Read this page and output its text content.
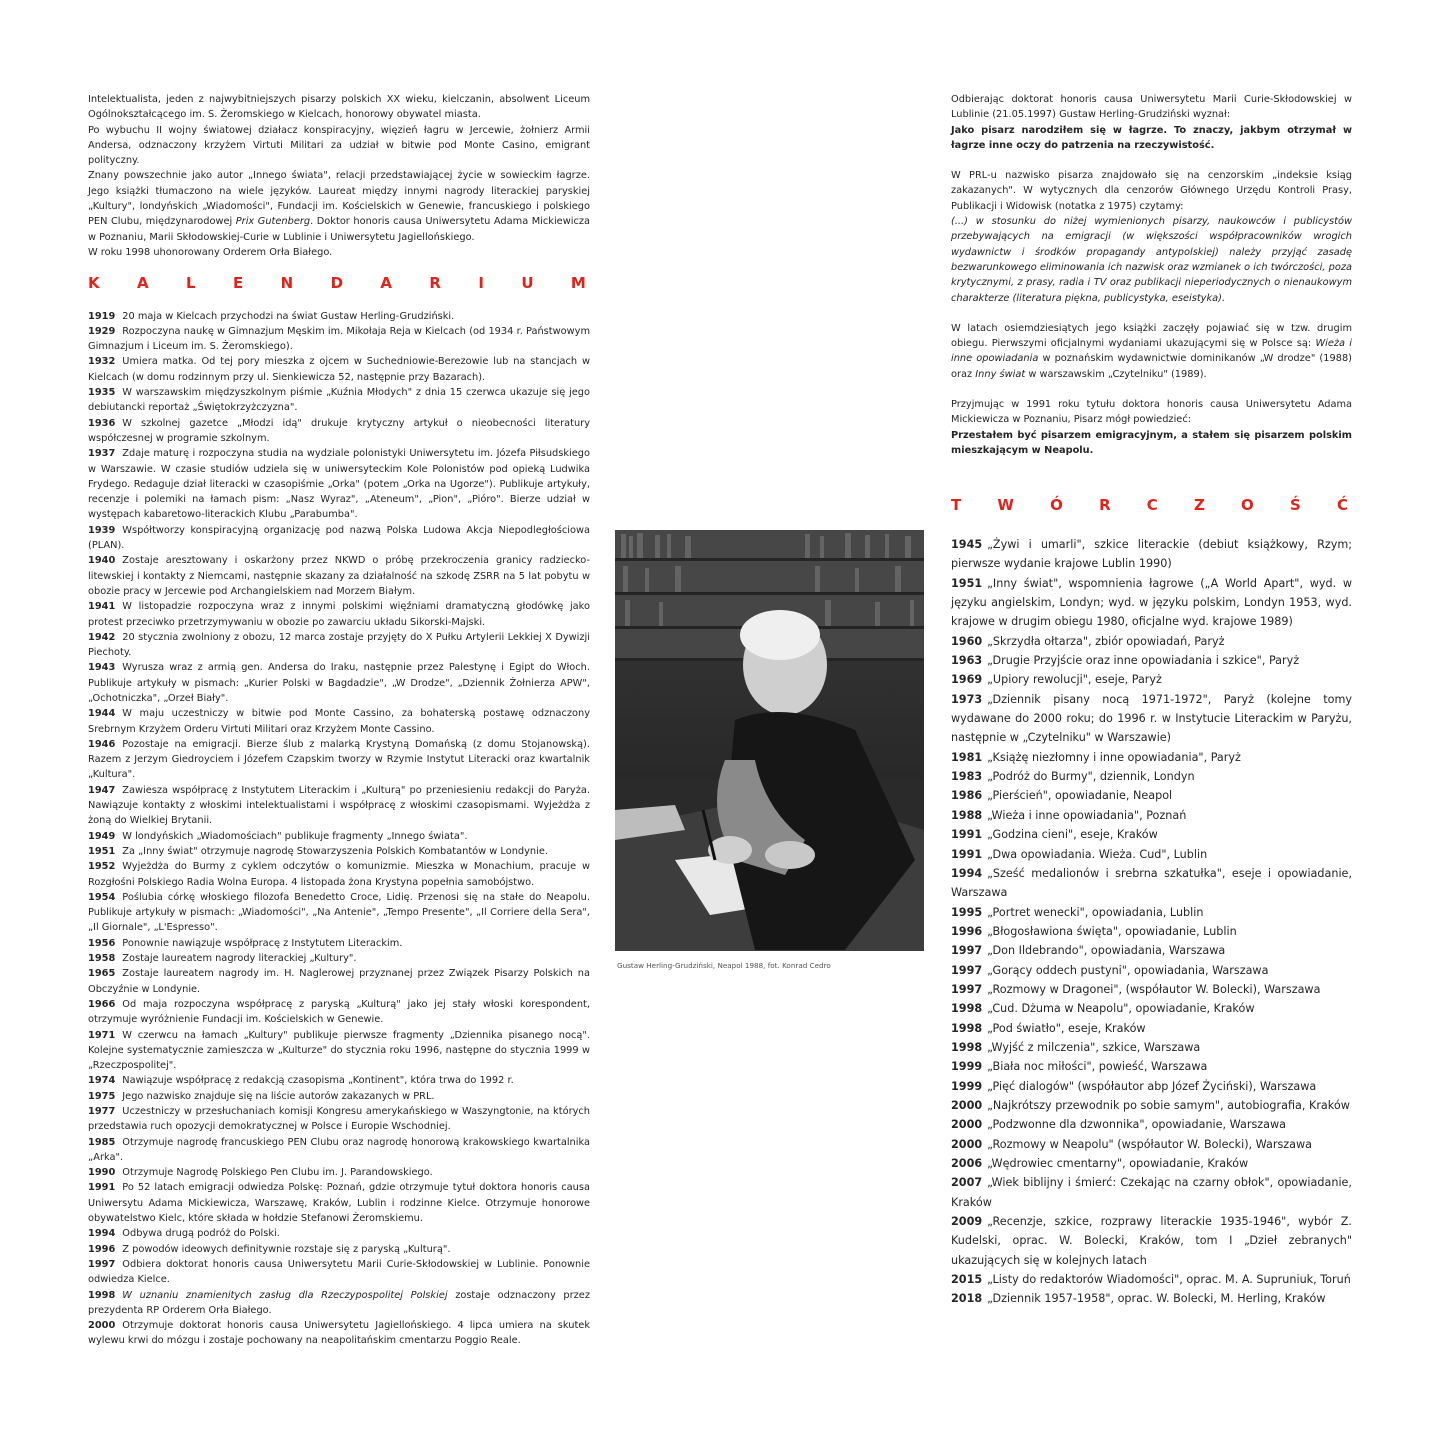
Intelektualista, jeden z najwybitniejszych pisarzy polskich XX wieku, kielczanin, absolwent Liceum Ogólnokształcącego im. S. Żeromskiego w Kielcach, honorowy obywatel miasta.

Po wybuchu II wojny światowej działacz konspiracyjny, więzień łagru w Jercewie, żołnierz Armii Andersa, odznaczony krzyżem Virtuti Militari za udział w bitwie pod Monte Casino, emigrant polityczny.

Znany powszechnie jako autor „Innego świata", relacji przedstawiającej życie w sowieckim łagrze. Jego książki tłumaczono na wiele języków. Laureat między innymi nagrody literackiej paryskiej „Kultury", londyńskich „Wiadomości", Fundacji im. Kościelskich w Genewie, francuskiego i polskiego PEN Clubu, międzynarodowej Prix Gutenberg. Doktor honoris causa Uniwersytetu Adama Mickiewicza w Poznaniu, Marii Skłodowskiej-Curie w Lublinie i Uniwersytetu Jagiellońskiego.

W roku 1998 uhonorowany Orderem Orła Białego.

K A L E N D A R I U M

1919 20 maja w Kielcach przychodzi na świat Gustaw Herling-Grudziński.

1929 Rozpoczyna naukę w Gimnazjum Męskim im. Mikołaja Reja w Kielcach (od 1934 r. Państwowym Gimnazjum i Liceum im. S. Żeromskiego).

1932 Umiera matka. Od tej pory mieszka z ojcem w Suchedniowie-Berezowie lub na stancjach w Kielcach (w domu rodzinnym przy ul. Sienkiewicza 52, następnie przy Bazarach).

1935 W warszawskim międzyszkolnym piśmie „Kuźnia Młodych" z dnia 15 czerwca ukazuje się jego debiutancki reportaż „Świętokrzyżczyzna".

1936 W szkolnej gazetce „Młodzi idą" drukuje krytyczny artykuł o nieobecności literatury współczesnej w programie szkolnym.

1937 Zdaje maturę i rozpoczyna studia na wydziale polonistyki Uniwersytetu im. Józefa Piłsudskiego w Warszawie. W czasie studiów udziela się w uniwersyteckim Kole Polonistów pod opieką Ludwika Frydego. Redaguje dział literacki w czasopiśmie „Orka" (potem „Orka na Ugorze"). Publikuje artykuły, recenzje i polemiki na łamach pism: „Nasz Wyraz", „Ateneum", „Pion", „Pióro". Bierze udział w występach kabaretowo-literackich Klubu „Parabumba".

1939 Współtworzy konspiracyjną organizację pod nazwą Polska Ludowa Akcja Niepodległościowa (PLAN).

1940 Zostaje aresztowany i oskarżony przez NKWD o próbę przekroczenia granicy radziecko-litewskiej i kontakty z Niemcami, następnie skazany za działalność na szkodę ZSRR na 5 lat pobytu w obozie pracy w Jercewie pod Archangielskiem nad Morzem Białym.

1941 W listopadzie rozpoczyna wraz z innymi polskimi więźniami dramatyczną głodówkę jako protest przeciwko przetrzymywaniu w obozie po zawarciu układu Sikorski-Majski.

1942 20 stycznia zwolniony z obozu, 12 marca zostaje przyjęty do X Pułku Artylerii Lekkiej X Dywizji Piechoty.

1943 Wyrusza wraz z armią gen. Andersa do Iraku, następnie przez Palestynę i Egipt do Włoch. Publikuje artykuły w pismach: „Kurier Polski w Bagdadzie", „W Drodze", „Dziennik Żołnierza APW", „Ochotniczka", „Orzeł Biały".

1944 W maju uczestniczy w bitwie pod Monte Cassino, za bohaterską postawę odznaczony Srebrnym Krzyżem Orderu Virtuti Militari oraz Krzyżem Monte Cassino.

1946 Pozostaje na emigracji. Bierze ślub z malarką Krystyną Domańską (z domu Stojanowską). Razem z Jerzym Giedroyciem i Józefem Czapskim tworzy w Rzymie Instytut Literacki oraz kwartalnik „Kultura".

1947 Zawiesza współpracę z Instytutem Literackim i „Kulturą" po przeniesieniu redakcji do Paryża. Nawiązuje kontakty z włoskimi intelektualistami i współpracę z włoskimi czasopismami. Wyjeżdża z żoną do Wielkiej Brytanii.

1949 W londyńskich „Wiadomościach" publikuje fragmenty „Innego świata".

1951 Za „Inny świat" otrzymuje nagrodę Stowarzyszenia Polskich Kombatantów w Londynie.

1952 Wyjeżdża do Burmy z cyklem odczytów o komunizmie. Mieszka w Monachium, pracuje w Rozgłośni Polskiego Radia Wolna Europa. 4 listopada żona Krystyna popełnia samobójstwo.

1954 Poślubia córkę włoskiego filozofa Benedetto Croce, Lidię. Przenosi się na stałe do Neapolu. Publikuje artykuły w pismach: „Wiadomości", „Na Antenie", „Tempo Presente", „Il Corriere della Sera", „Il Giornale", „L'Espresso".

1956 Ponownie nawiązuje współpracę z Instytutem Literackim.

1958 Zostaje laureatem nagrody literackiej „Kultury".

1965 Zostaje laureatem nagrody im. H. Naglerowej przyznanej przez Związek Pisarzy Polskich na Obczyźnie w Londynie.

1966 Od maja rozpoczyna współpracę z paryską „Kulturą" jako jej stały włoski korespondent, otrzymuje wyróżnienie Fundacji im. Kościelskich w Genewie.

1971 W czerwcu na łamach „Kultury" publikuje pierwsze fragmenty „Dziennika pisanego nocą". Kolejne systematycznie zamieszcza w „Kulturze" do stycznia roku 1996, następne do stycznia 1999 w „Rzeczpospolitej".

1974 Nawiązuje współpracę z redakcją czasopisma „Kontinent", która trwa do 1992 r.

1975 Jego nazwisko znajduje się na liście autorów zakazanych w PRL.

1977 Uczestniczy w przesłuchaniach komisji Kongresu amerykańskiego w Waszyngtonie, na których przedstawia ruch opozycji demokratycznej w Polsce i Europie Wschodniej.

1985 Otrzymuje nagrodę francuskiego PEN Clubu oraz nagrodę honorową krakowskiego kwartalnika „Arka".

1990 Otrzymuje Nagrodę Polskiego Pen Clubu im. J. Parandowskiego.

1991 Po 52 latach emigracji odwiedza Polskę: Poznań, gdzie otrzymuje tytuł doktora honoris causa Uniwersytu Adama Mickiewicza, Warszawę, Kraków, Lublin i rodzinne Kielce. Otrzymuje honorowe obywatelstwo Kielc, które składa w hołdzie Stefanowi Żeromskiemu.

1994 Odbywa drugą podróż do Polski.

1996 Z powodów ideowych definitywnie rozstaje się z paryską „Kulturą".

1997 Odbiera doktorat honoris causa Uniwersytetu Marii Curie-Skłodowskiej w Lublinie. Ponownie odwiedza Kielce.

1998 W uznaniu znamienitych zasług dla Rzeczypospolitej Polskiej zostaje odznaczony przez prezydenta RP Orderem Orła Białego.

2000 Otrzymuje doktorat honoris causa Uniwersytetu Jagiellońskiego. 4 lipca umiera na skutek wylewu krwi do mózgu i zostaje pochowany na neapolitańskim cmentarzu Poggio Reale.

Gustaw Herling-Grudziński, Neapol 1988, fot. Konrad Cedro

Odbierając doktorat honoris causa Uniwersytetu Marii Curie-Skłodowskiej w Lublinie (21.05.1997) Gustaw Herling-Grudziński wyznał:

Jako pisarz narodziłem się w łagrze. To znaczy, jakbym otrzymał w łagrze inne oczy do patrzenia na rzeczywistość.

W PRL-u nazwisko pisarza znajdowało się na cenzorskim „indeksie ksiąg zakazanych". W wytycznych dla cenzorów Głównego Urzędu Kontroli Prasy, Publikacji i Widowisk (notatka z 1975) czytamy:

(...) w stosunku do niżej wymienionych pisarzy, naukowców i publicystów przebywających na emigracji (w większości współpracowników wrogich wydawnictw i środków propagandy antypolskiej) należy przyjąć zasadę bezwarunkowego eliminowania ich nazwisk oraz wzmianek o ich twórczości, poza krytycznymi, z prasy, radia i TV oraz publikacji nieperiodycznych o nienaukowym charakterze (literatura piękna, publicystyka, eseistyka).

W latach osiemdziesiątych jego książki zaczęły pojawiać się w tzw. drugim obiegu. Pierwszymi oficjalnymi wydaniami ukazującymi się w Polsce są: Wieża i inne opowiadania w poznańskim wydawnictwie dominikanów „W drodze" (1988) oraz Inny świat w warszawskim „Czytelniku" (1989).

Przyjmując w 1991 roku tytułu doktora honoris causa Uniwersytetu Adama Mickiewicza w Poznaniu, Pisarz mógł powiedzieć:

Przestałem być pisarzem emigracyjnym, a stałem się pisarzem polskim mieszkającym w Neapolu.

T W Ó R C Z O Ś Ć

1945 „Żywi i umarli", szkice literackie (debiut książkowy, Rzym; pierwsze wydanie krajowe Lublin 1990)

1951 „Inny świat", wspomnienia łagrowe („A World Apart", wyd. w języku angielskim, Londyn; wyd. w języku polskim, Londyn 1953, wyd. krajowe w drugim obiegu 1980, oficjalne wyd. krajowe 1989)

1960 „Skrzydła ołtarza", zbiór opowiadań, Paryż

1963 „Drugie Przyjście oraz inne opowiadania i szkice", Paryż

1969 „Upiory rewolucji", eseje, Paryż

1973 „Dziennik pisany nocą 1971-1972", Paryż (kolejne tomy wydawane do 2000 roku; do 1996 r. w Instytucie Literackim w Paryżu, następnie w „Czytelniku" w Warszawie)

1981 „Książę niezłomny i inne opowiadania", Paryż

1983 „Podróż do Burmy", dziennik, Londyn

1986 „Pierścień", opowiadanie, Neapol

1988 „Wieża i inne opowiadania", Poznań

1991 „Godzina cieni", eseje, Kraków

1991 „Dwa opowiadania. Wieża. Cud", Lublin

1994 „Sześć medalionów i srebrna szkatułka", eseje i opowiadanie, Warszawa

1995 „Portret wenecki", opowiadania, Lublin

1996 „Błogosławiona święta", opowiadanie, Lublin

1997 „Don Ildebrando", opowiadania, Warszawa

1997 „Gorący oddech pustyni", opowiadania, Warszawa

1997 „Rozmowy w Dragonei", (współautor W. Bolecki), Warszawa

1998 „Cud. Dżuma w Neapolu", opowiadanie, Kraków

1998 „Pod światło", eseje, Kraków

1998 „Wyjść z milczenia", szkice, Warszawa

1999 „Biała noc miłości", powieść, Warszawa

1999 „Pięć dialogów" (współautor abp Józef Życiński), Warszawa

2000 „Najkrótszy przewodnik po sobie samym", autobiografia, Kraków

2000 „Podzwonne dla dzwonnika", opowiadanie, Warszawa

2000 „Rozmowy w Neapolu" (współautor W. Bolecki), Warszawa

2006 „Wędrowiec cmentarny", opowiadanie, Kraków

2007 „Wiek biblijny i śmierć: Czekając na czarny obłok", opowiadanie, Kraków

2009 „Recenzje, szkice, rozprawy literackie 1935-1946", wybór Z. Kudelski, oprac. W. Bolecki, Kraków, tom I „Dzieł zebranych" ukazujących się w kolejnych latach

2015 „Listy do redaktorów Wiadomości", oprac. M. A. Supruniuk, Toruń

2018 „Dziennik 1957-1958", oprac. W. Bolecki, M. Herling, Kraków
